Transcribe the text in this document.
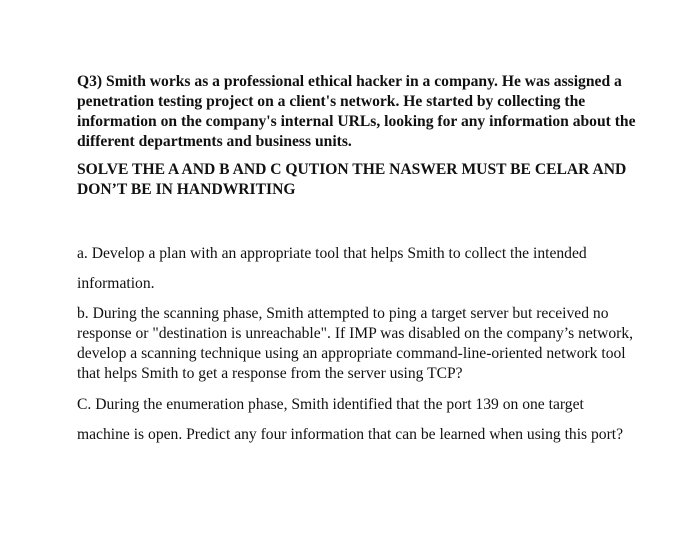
Q3) Smith works as a professional ethical hacker in a company. He was assigned a penetration testing project on a client's network. He started by collecting the information on the company's internal URLs, looking for any information about the different departments and business units.

SOLVE THE A AND B AND C QUTION THE NASWER MUST BE CELAR AND DON’T BE IN HANDWRITING

a. Develop a plan with an appropriate tool that helps Smith to collect the intended information.

b. During the scanning phase, Smith attempted to ping a target server but received no response or "destination is unreachable". If IMP was disabled on the company’s network, develop a scanning technique using an appropriate command-line-oriented network tool that helps Smith to get a response from the server using TCP?

C. During the enumeration phase, Smith identified that the port 139 on one target machine is open. Predict any four information that can be learned when using this port?
